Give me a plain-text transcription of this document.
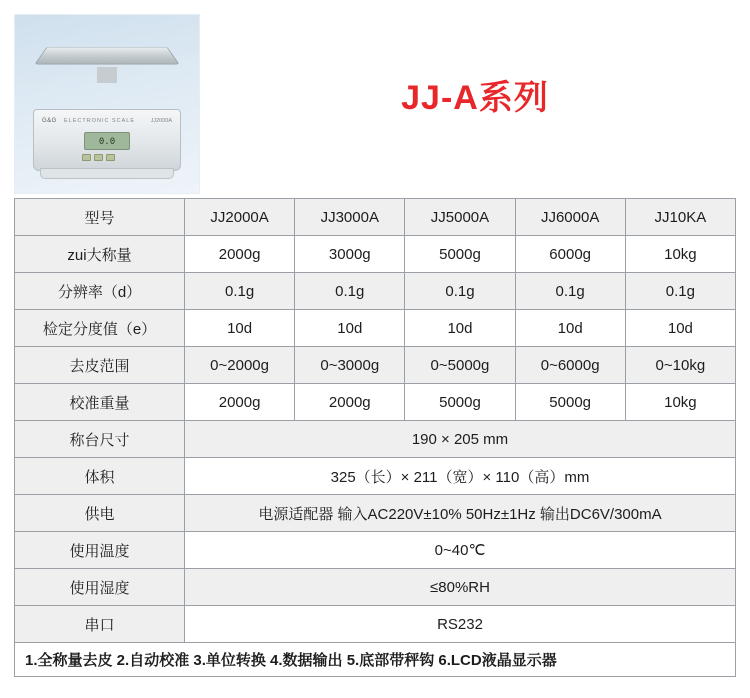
G&G ELECTRONIC SCALE	JJ2000A
0.0
JJ-A系列
型号	JJ2000A	JJ3000A	JJ5000A	JJ6000A	JJ10KA
zui大称量	2000g	3000g	5000g	6000g	10kg
分辨率（d）	0.1g	0.1g	0.1g	0.1g	0.1g
检定分度值（e）	10d	10d	10d	10d	10d
去皮范围	0~2000g	0~3000g	0~5000g	0~6000g	0~10kg
校准重量	2000g	2000g	5000g	5000g	10kg
称台尺寸	190 × 205 mm				
体积	325（长）× 211（宽）× 110（高）mm				
供电	电源适配器 输入AC220V±10% 50Hz±1Hz 输出DC6V/300mA				
使用温度	0~40℃				
使用湿度	≤80%RH				
串口	RS232				
1.全称量去皮 2.自动校准 3.单位转换 4.数据输出 5.底部带秤钩 6.LCD液晶显示器					
